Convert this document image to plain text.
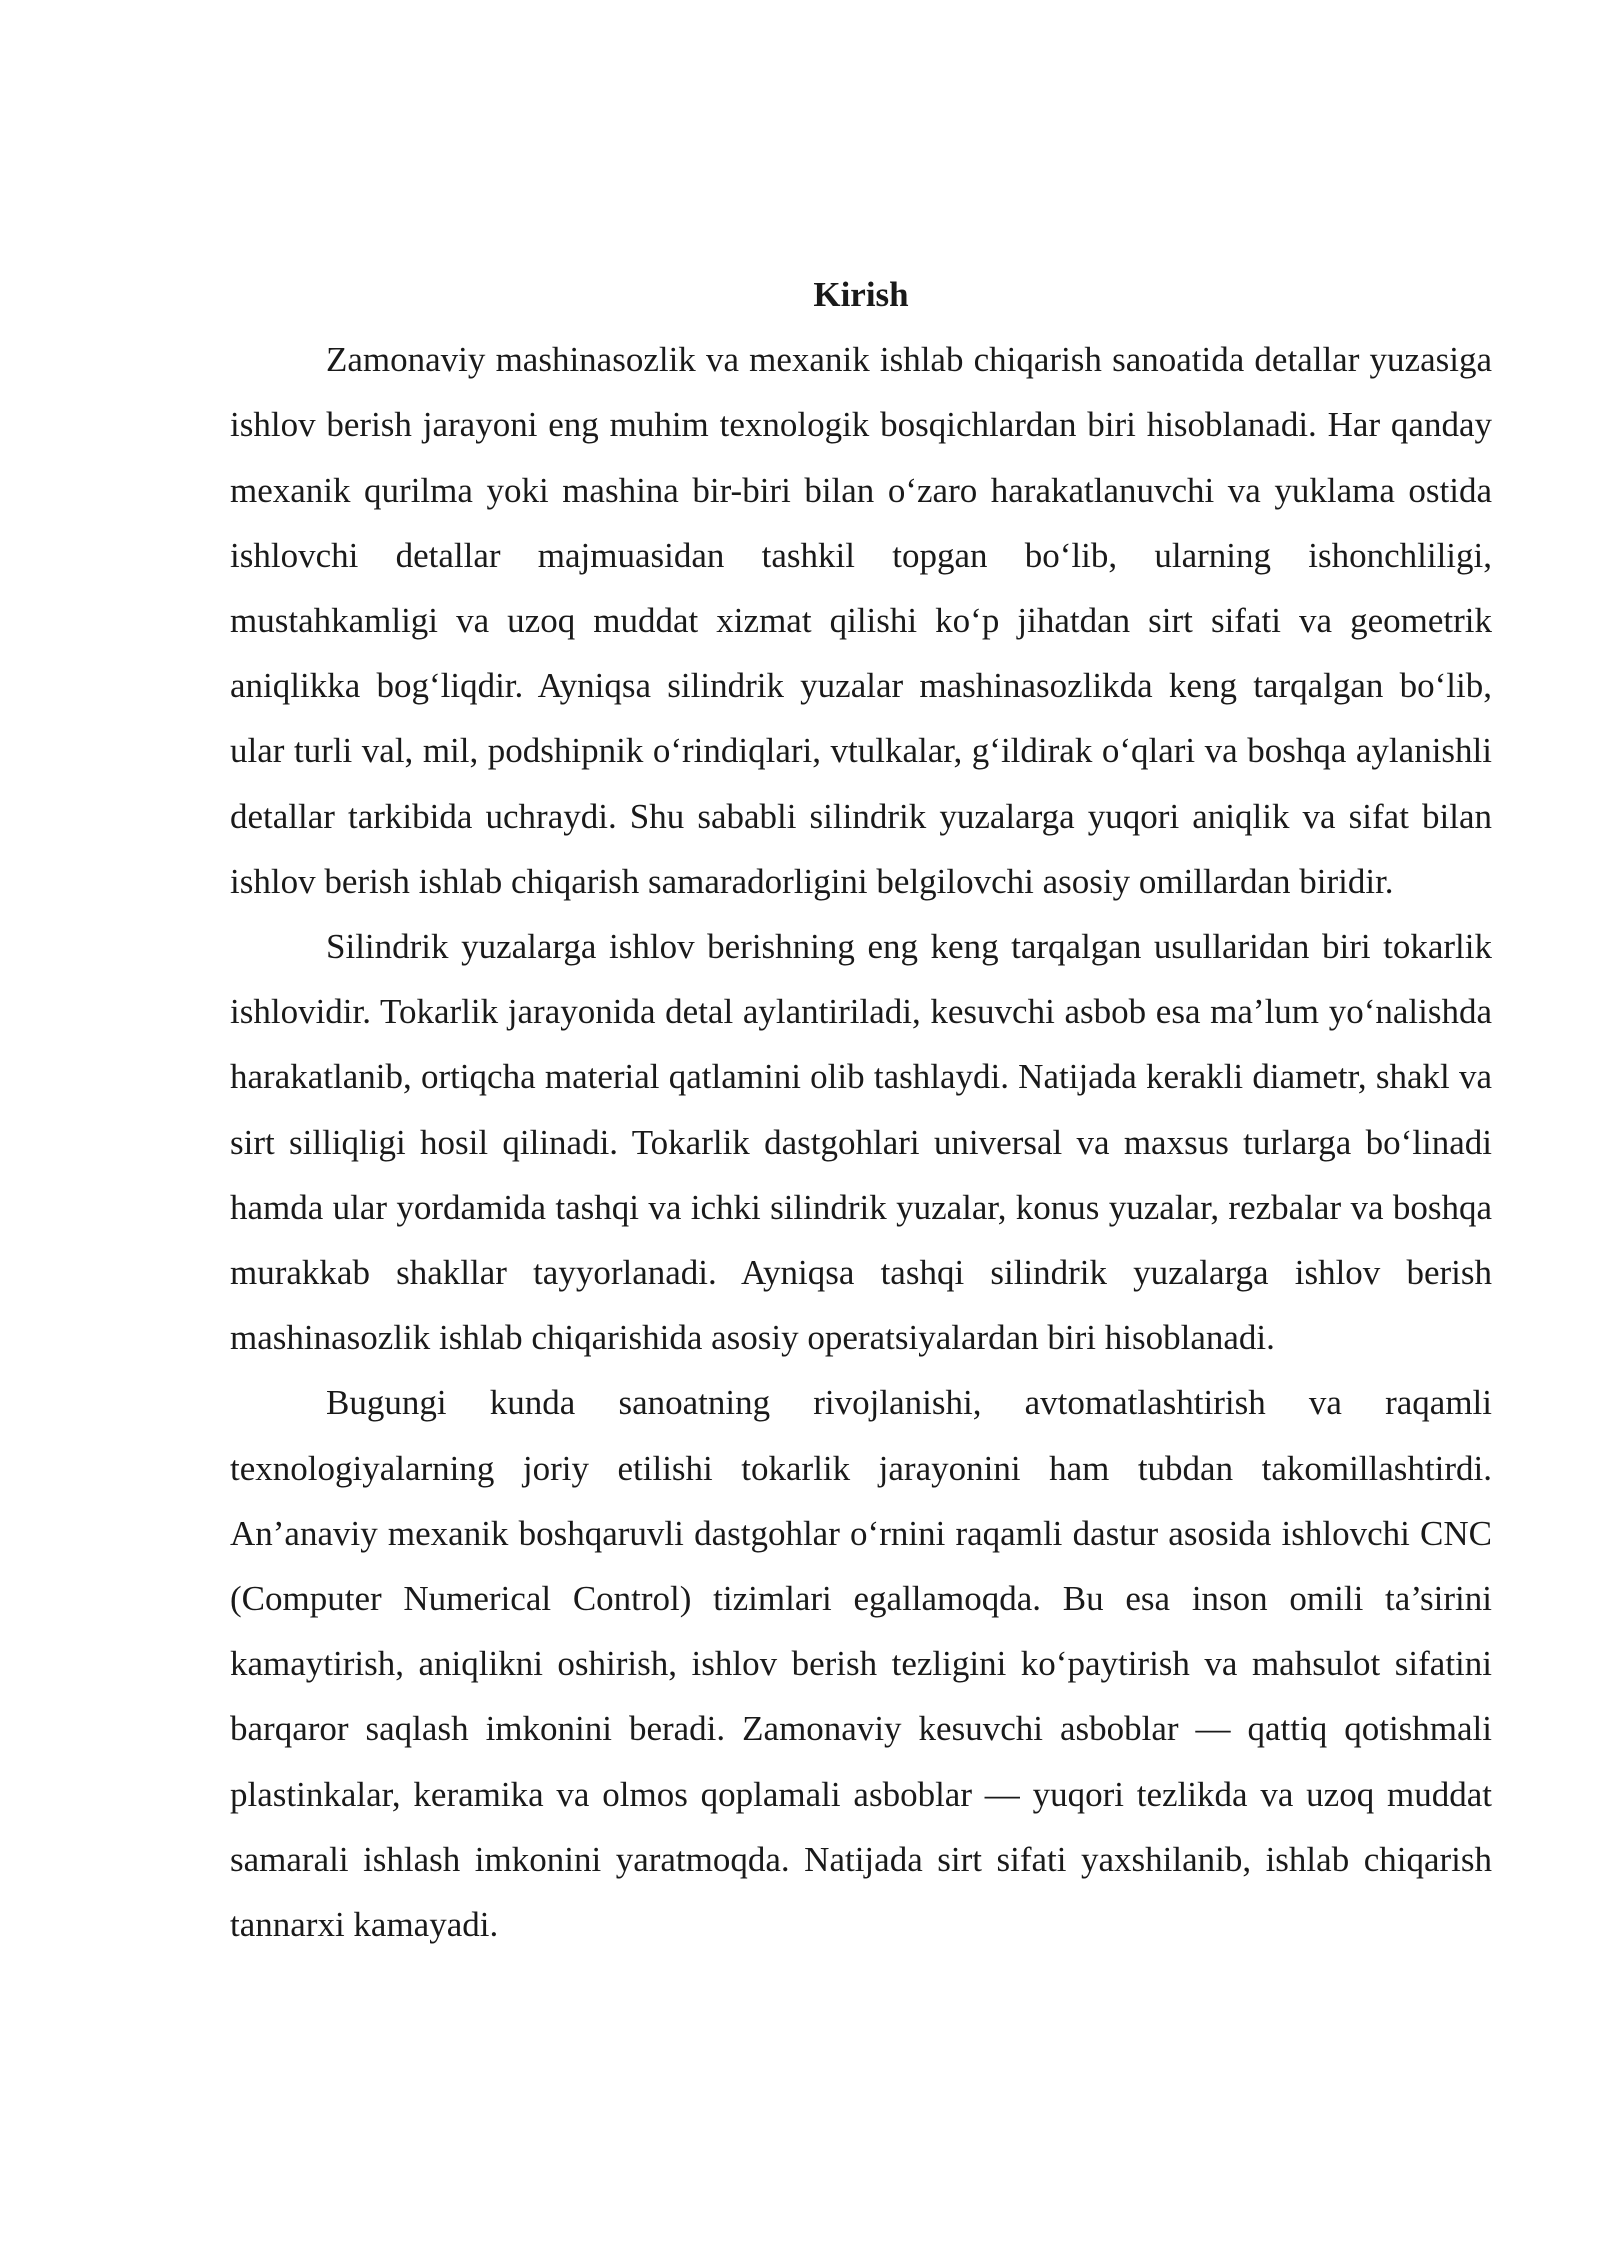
Kirish

Zamonaviy mashinasozlik va mexanik ishlab chiqarish sanoatida detallar yuzasiga ishlov berish jarayoni eng muhim texnologik bosqichlardan biri hisoblanadi. Har qanday mexanik qurilma yoki mashina bir-biri bilan o‘zaro harakatlanuvchi va yuklama ostida ishlovchi detallar majmuasidan tashkil topgan bo‘lib, ularning ishonchliligi, mustahkamligi va uzoq muddat xizmat qilishi ko‘p jihatdan sirt sifati va geometrik aniqlikka bog‘liqdir. Ayniqsa silindrik yuzalar mashinasozlikda keng tarqalgan bo‘lib, ular turli val, mil, podshipnik o‘rindiqlari, vtulkalar, g‘ildirak o‘qlari va boshqa aylanishli detallar tarkibida uchraydi. Shu sababli silindrik yuzalarga yuqori aniqlik va sifat bilan ishlov berish ishlab chiqarish samaradorligini belgilovchi asosiy omillardan biridir.

Silindrik yuzalarga ishlov berishning eng keng tarqalgan usullaridan biri tokarlik ishlovidir. Tokarlik jarayonida detal aylantiriladi, kesuvchi asbob esa ma’lum yo‘nalishda harakatlanib, ortiqcha material qatlamini olib tashlaydi. Natijada kerakli diametr, shakl va sirt silliqligi hosil qilinadi. Tokarlik dastgohlari universal va maxsus turlarga bo‘linadi hamda ular yordamida tashqi va ichki silindrik yuzalar, konus yuzalar, rezbalar va boshqa murakkab shakllar tayyorlanadi. Ayniqsa tashqi silindrik yuzalarga ishlov berish mashinasozlik ishlab chiqarishida asosiy operatsiyalardan biri hisoblanadi.

Bugungi kunda sanoatning rivojlanishi, avtomatlashtirish va raqamli texnologiyalarning joriy etilishi tokarlik jarayonini ham tubdan takomillashtirdi. An’anaviy mexanik boshqaruvli dastgohlar o‘rnini raqamli dastur asosida ishlovchi CNC (Computer Numerical Control) tizimlari egallamoqda. Bu esa inson omili ta’sirini kamaytirish, aniqlikni oshirish, ishlov berish tezligini ko‘paytirish va mahsulot sifatini barqaror saqlash imkonini beradi. Zamonaviy kesuvchi asboblar — qattiq qotishmali plastinkalar, keramika va olmos qoplamali asboblar — yuqori tezlikda va uzoq muddat samarali ishlash imkonini yaratmoqda. Natijada sirt sifati yaxshilanib, ishlab chiqarish tannarxi kamayadi.
